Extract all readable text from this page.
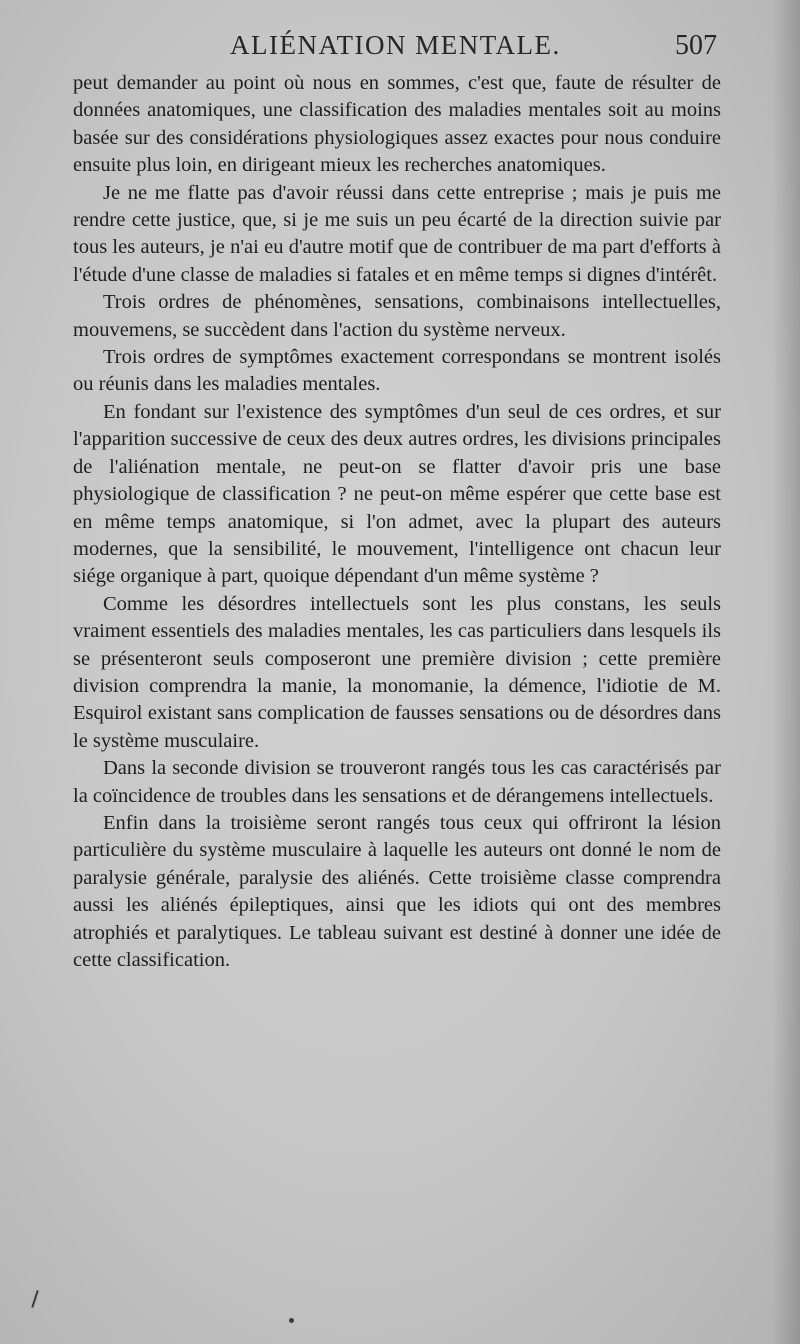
ALIÉNATION MENTALE.	507

peut demander au point où nous en sommes, c'est que, faute de résulter de données anatomiques, une classification des maladies mentales soit au moins basée sur des considérations physiologiques assez exactes pour nous conduire ensuite plus loin, en dirigeant mieux les recherches anatomiques.

Je ne me flatte pas d'avoir réussi dans cette entreprise ; mais je puis me rendre cette justice, que, si je me suis un peu écarté de la direction suivie par tous les auteurs, je n'ai eu d'autre motif que de contribuer de ma part d'efforts à l'étude d'une classe de maladies si fatales et en même temps si dignes d'intérêt.

Trois ordres de phénomènes, sensations, combinaisons intellectuelles, mouvemens, se succèdent dans l'action du système nerveux.

Trois ordres de symptômes exactement correspondans se montrent isolés ou réunis dans les maladies mentales.

En fondant sur l'existence des symptômes d'un seul de ces ordres, et sur l'apparition successive de ceux des deux autres ordres, les divisions principales de l'aliénation mentale, ne peut-on se flatter d'avoir pris une base physiologique de classification ? ne peut-on même espérer que cette base est en même temps anatomique, si l'on admet, avec la plupart des auteurs modernes, que la sensibilité, le mouvement, l'intelligence ont chacun leur siége organique à part, quoique dépendant d'un même système ?

Comme les désordres intellectuels sont les plus constans, les seuls vraiment essentiels des maladies mentales, les cas particuliers dans lesquels ils se présenteront seuls composeront une première division ; cette première division comprendra la manie, la monomanie, la démence, l'idiotie de M. Esquirol existant sans complication de fausses sensations ou de désordres dans le système musculaire.

Dans la seconde division se trouveront rangés tous les cas caractérisés par la coïncidence de troubles dans les sensations et de dérangemens intellectuels.

Enfin dans la troisième seront rangés tous ceux qui offriront la lésion particulière du système musculaire à laquelle les auteurs ont donné le nom de paralysie générale, paralysie des aliénés. Cette troisième classe comprendra aussi les aliénés épileptiques, ainsi que les idiots qui ont des membres atrophiés et paralytiques. Le tableau suivant est destiné à donner une idée de cette classification.
